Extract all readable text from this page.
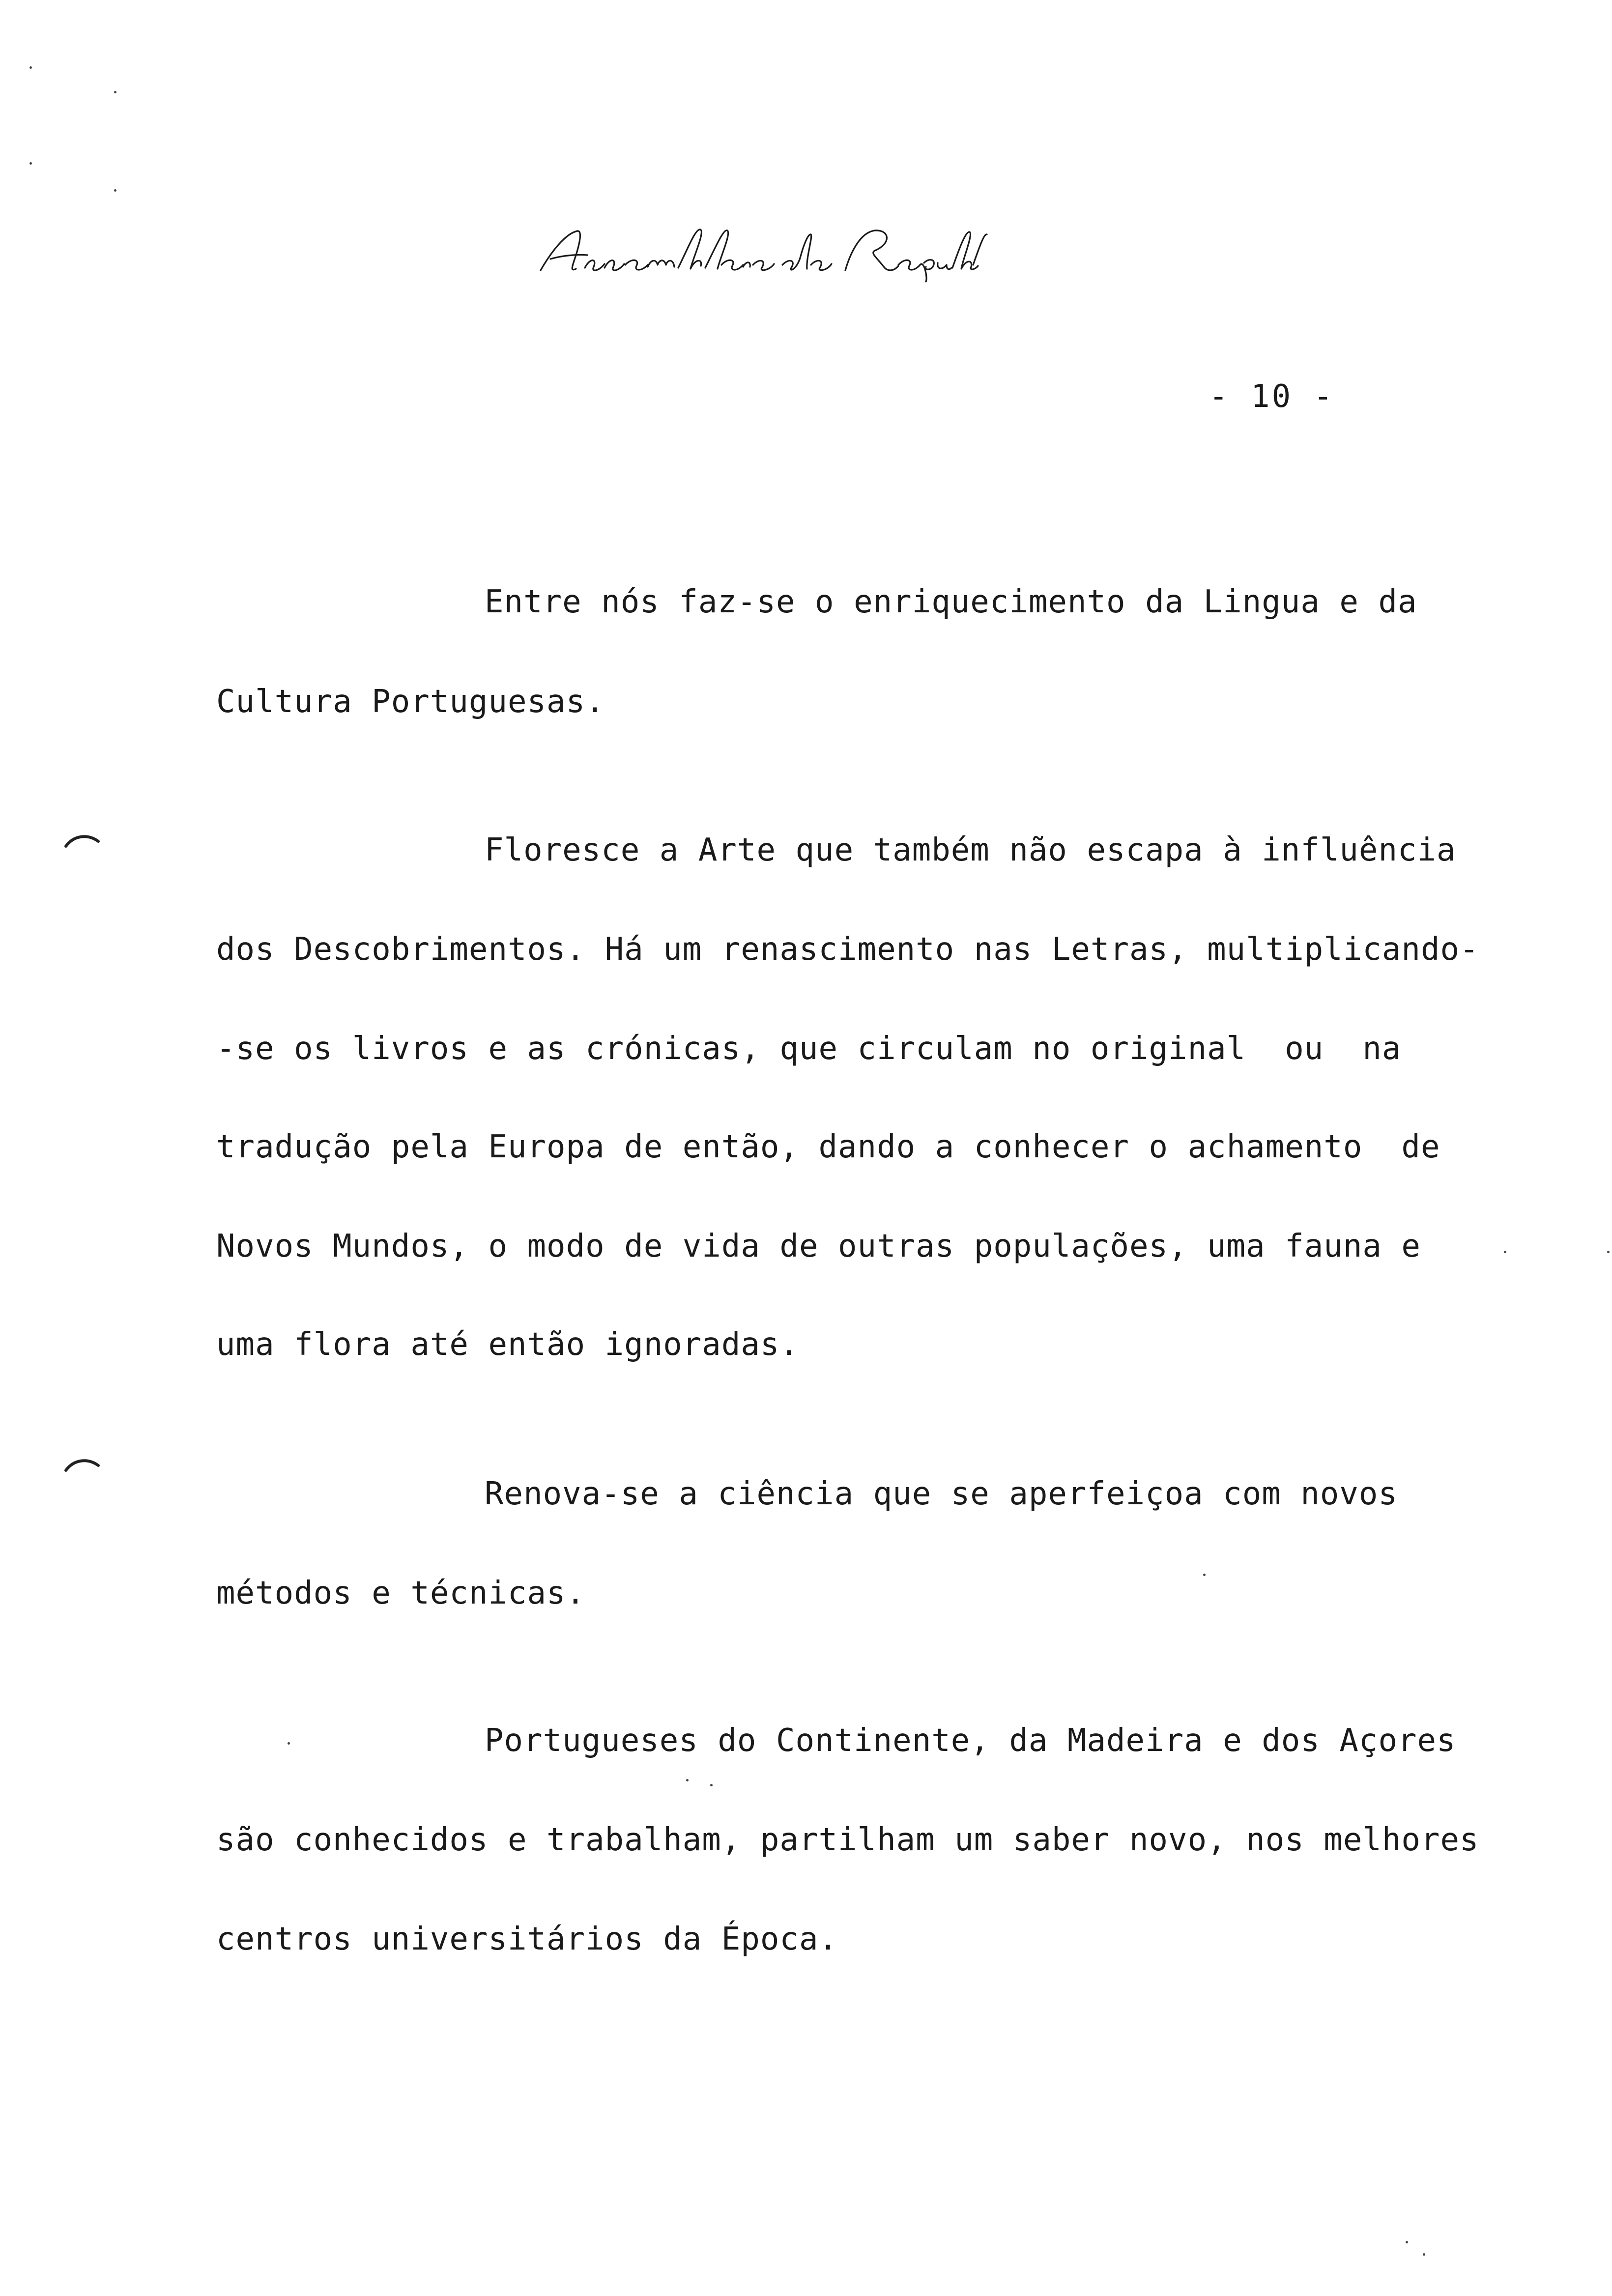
- 10 -
Entre nós faz-se o enriquecimento da Lingua e da
Cultura Portuguesas.
Floresce a Arte que também não escapa à influência
dos Descobrimentos. Há um renascimento nas Letras, multiplicando-
-se os livros e as crónicas, que circulam no original  ou  na
tradução pela Europa de então, dando a conhecer o achamento  de
Novos Mundos, o modo de vida de outras populações, uma fauna e
uma flora até então ignoradas.
Renova-se a ciência que se aperfeiçoa com novos
métodos e técnicas.
Portugueses do Continente, da Madeira e dos Açores
são conhecidos e trabalham, partilham um saber novo, nos melhores
centros universitários da Época.
